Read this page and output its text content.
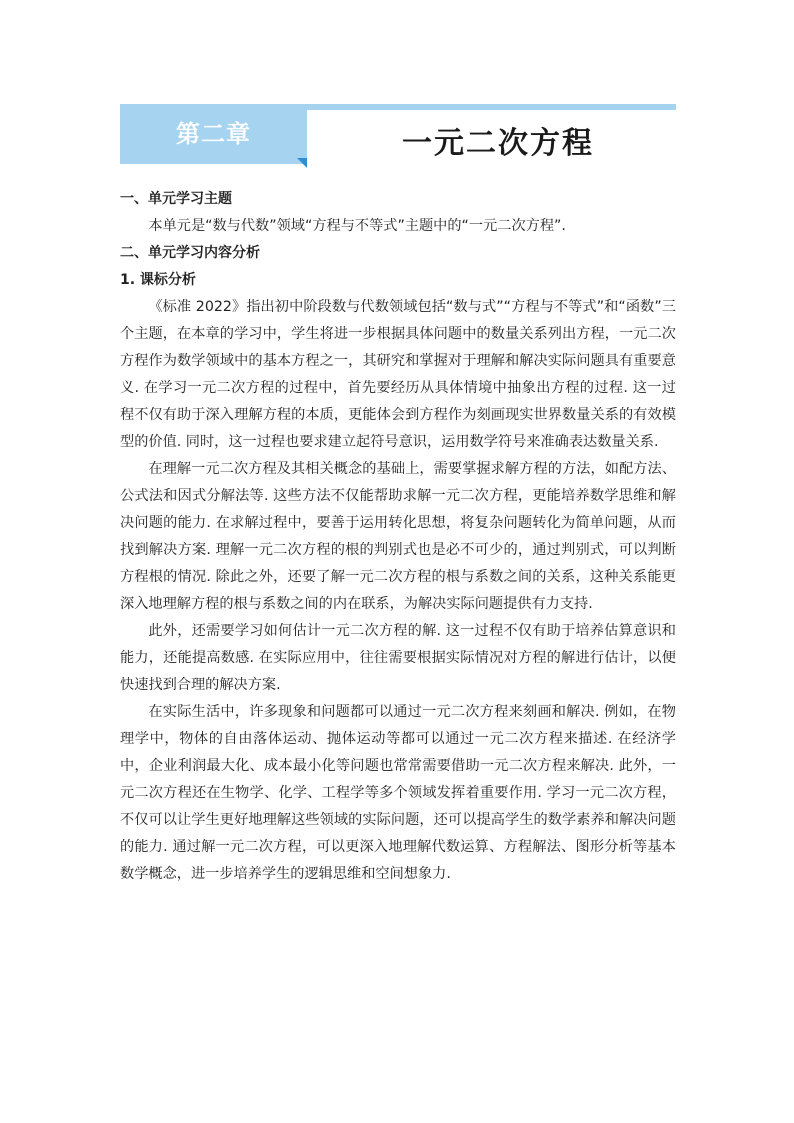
第二章	一元二次方程

一、单元学习主题

本单元是“数与代数”领域“方程与不等式”主题中的“一元二次方程”.

二、单元学习内容分析

1. 课标分析

《标准 2022》指出初中阶段数与代数领域包括“数与式”“方程与不等式”和“函数”三个主题，在本章的学习中，学生将进一步根据具体问题中的数量关系列出方程，一元二次方程作为数学领域中的基本方程之一，其研究和掌握对于理解和解决实际问题具有重要意义. 在学习一元二次方程的过程中，首先要经历从具体情境中抽象出方程的过程. 这一过程不仅有助于深入理解方程的本质，更能体会到方程作为刻画现实世界数量关系的有效模型的价值. 同时，这一过程也要求建立起符号意识，运用数学符号来准确表达数量关系.

在理解一元二次方程及其相关概念的基础上，需要掌握求解方程的方法，如配方法、公式法和因式分解法等. 这些方法不仅能帮助求解一元二次方程，更能培养数学思维和解决问题的能力. 在求解过程中，要善于运用转化思想，将复杂问题转化为简单问题，从而找到解决方案. 理解一元二次方程的根的判别式也是必不可少的，通过判别式，可以判断方程根的情况. 除此之外，还要了解一元二次方程的根与系数之间的关系，这种关系能更深入地理解方程的根与系数之间的内在联系，为解决实际问题提供有力支持.

此外，还需要学习如何估计一元二次方程的解. 这一过程不仅有助于培养估算意识和能力，还能提高数感. 在实际应用中，往往需要根据实际情况对方程的解进行估计，以便快速找到合理的解决方案.

在实际生活中，许多现象和问题都可以通过一元二次方程来刻画和解决. 例如，在物理学中，物体的自由落体运动、抛体运动等都可以通过一元二次方程来描述. 在经济学中，企业利润最大化、成本最小化等问题也常常需要借助一元二次方程来解决. 此外，一元二次方程还在生物学、化学、工程学等多个领域发挥着重要作用. 学习一元二次方程，不仅可以让学生更好地理解这些领域的实际问题，还可以提高学生的数学素养和解决问题的能力. 通过解一元二次方程，可以更深入地理解代数运算、方程解法、图形分析等基本数学概念，进一步培养学生的逻辑思维和空间想象力.
